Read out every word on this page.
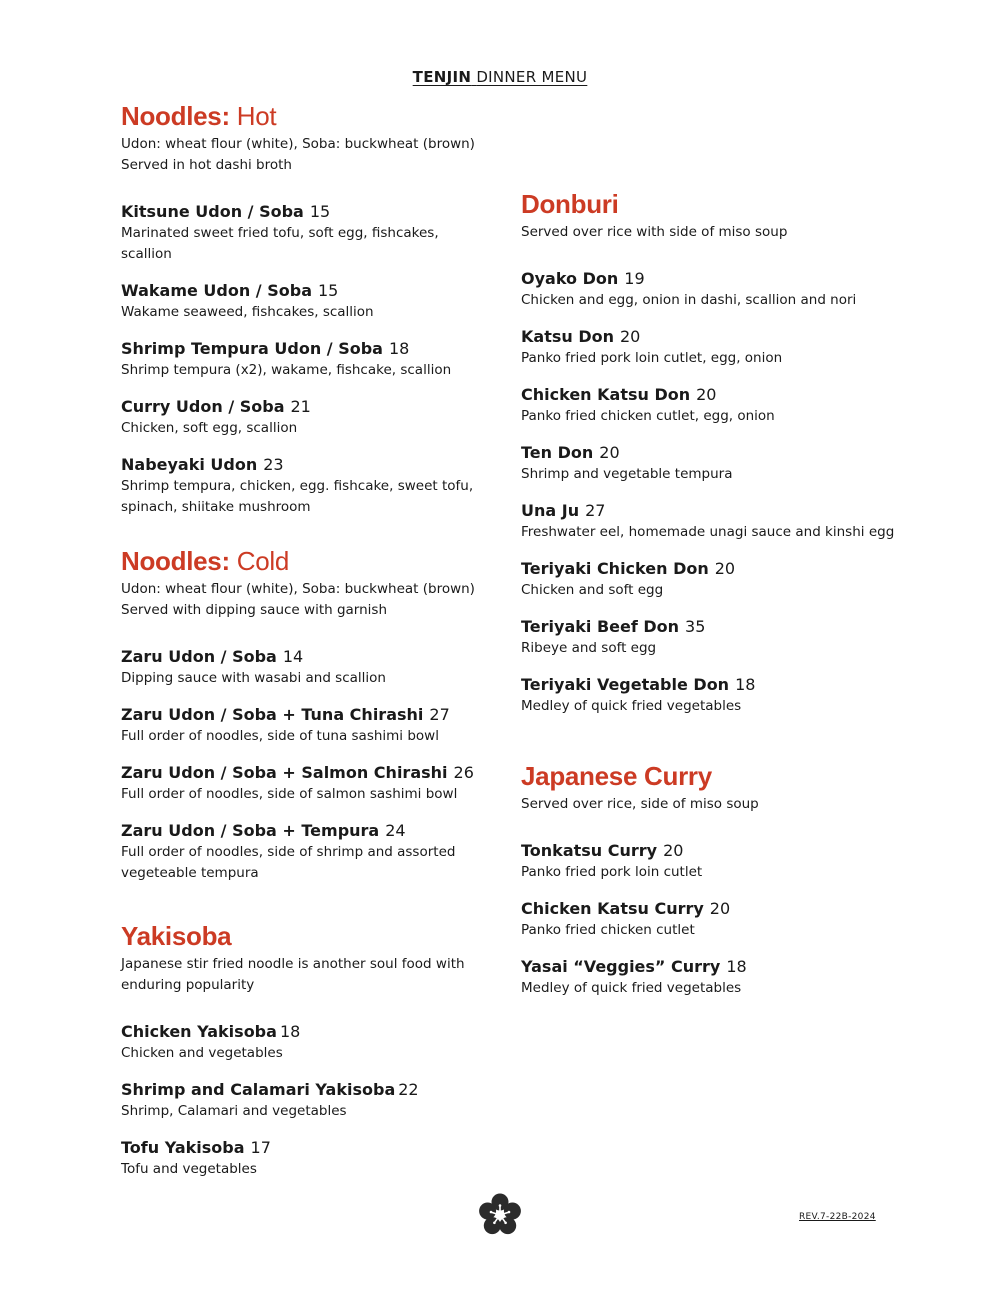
TENJIN DINNER MENU
Noodles: Hot
Udon: wheat flour (white), Soba: buckwheat (brown)
Served in hot dashi broth
Kitsune Udon / Soba 15
Marinated sweet fried tofu, soft egg, fishcakes, scallion
Wakame Udon / Soba 15
Wakame seaweed, fishcakes, scallion
Shrimp Tempura Udon / Soba 18
Shrimp tempura (x2), wakame, fishcake, scallion
Curry Udon / Soba 21
Chicken, soft egg, scallion
Nabeyaki Udon 23
Shrimp tempura, chicken, egg. fishcake, sweet tofu,
spinach, shiitake mushroom
Noodles: Cold
Udon: wheat flour (white), Soba: buckwheat (brown)
Served with dipping sauce with garnish
Zaru Udon / Soba 14
Dipping sauce with wasabi and scallion
Zaru Udon / Soba + Tuna Chirashi 27
Full order of noodles, side of tuna sashimi bowl
Zaru Udon / Soba + Salmon Chirashi 26
Full order of noodles, side of salmon sashimi bowl
Zaru Udon / Soba + Tempura 24
Full order of noodles, side of shrimp and assorted
vegeteable tempura
Yakisoba
Japanese stir fried noodle is another soul food with
enduring popularity
Chicken Yakisoba 18
Chicken and vegetables
Shrimp and Calamari Yakisoba 22
Shrimp, Calamari and vegetables
Tofu Yakisoba 17
Tofu and vegetables
Donburi
Served over rice with side of miso soup
Oyako Don 19
Chicken and egg, onion in dashi, scallion and nori
Katsu Don 20
Panko fried pork loin cutlet, egg, onion
Chicken Katsu Don 20
Panko fried chicken cutlet, egg, onion
Ten Don 20
Shrimp and vegetable tempura
Una Ju 27
Freshwater eel, homemade unagi sauce and kinshi egg
Teriyaki Chicken Don 20
Chicken and soft egg
Teriyaki Beef Don 35
Ribeye and soft egg
Teriyaki Vegetable Don 18
Medley of quick fried vegetables
Japanese Curry
Served over rice, side of miso soup
Tonkatsu Curry 20
Panko fried pork loin cutlet
Chicken Katsu Curry 20
Panko fried chicken cutlet
Yasai “Veggies” Curry 18
Medley of quick fried vegetables
REV.7-22B-2024
